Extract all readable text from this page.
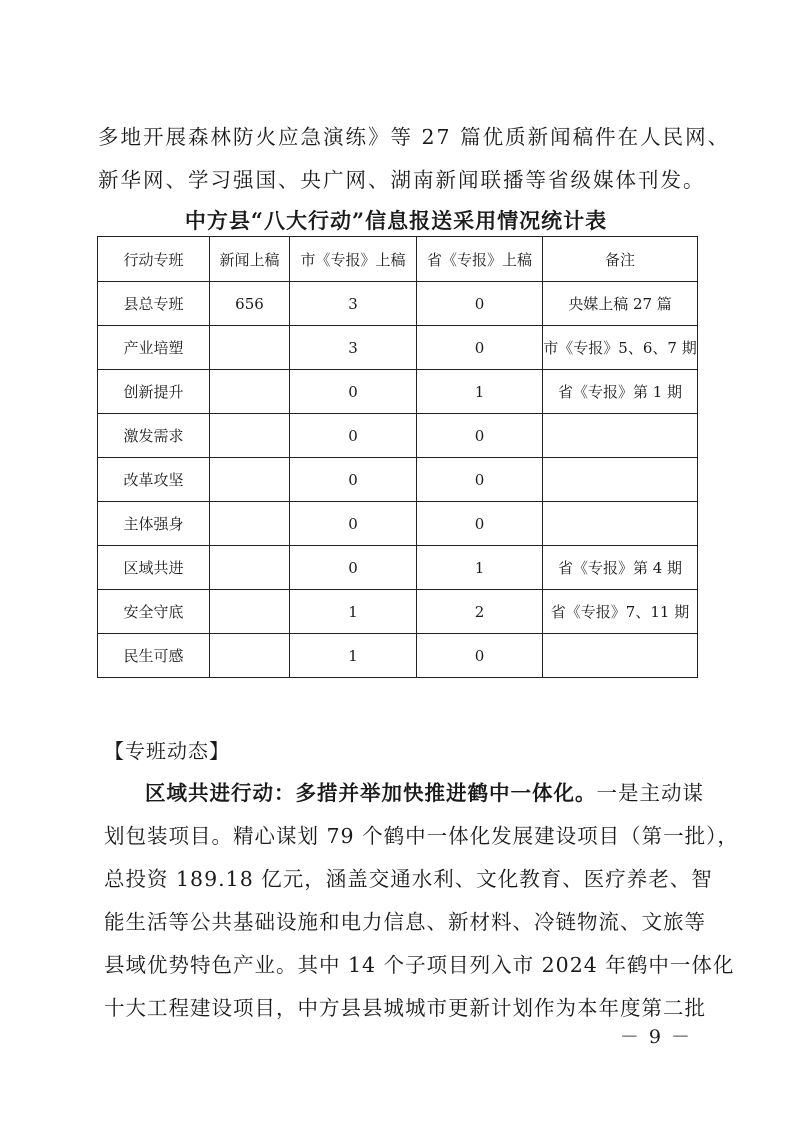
多地开展森林防火应急演练》等 27 篇优质新闻稿件在人民网、
新华网、学习强国、央广网、湖南新闻联播等省级媒体刊发。
中方县“八大行动”信息报送采用情况统计表
行动专班	新闻上稿	市《专报》上稿	省《专报》上稿	备注
县总专班	656	3	0	央媒上稿 27 篇
产业培塑		3	0	市《专报》5、6、7 期
创新提升		0	1	省《专报》第 1 期
激发需求		0	0	
改革攻坚		0	0	
主体强身		0	0	
区域共进		0	1	省《专报》第 4 期
安全守底		1	2	省《专报》7、11 期
民生可感		1	0	
【专班动态】
区域共进行动：多措并举加快推进鹤中一体化。一是主动谋
划包装项目。精心谋划 79 个鹤中一体化发展建设项目（第一批），
总投资 189.18 亿元，涵盖交通水利、文化教育、医疗养老、智
能生活等公共基础设施和电力信息、新材料、冷链物流、文旅等
县域优势特色产业。其中 14 个子项目列入市 2024 年鹤中一体化
十大工程建设项目，中方县县城城市更新计划作为本年度第二批
－ 9 －
